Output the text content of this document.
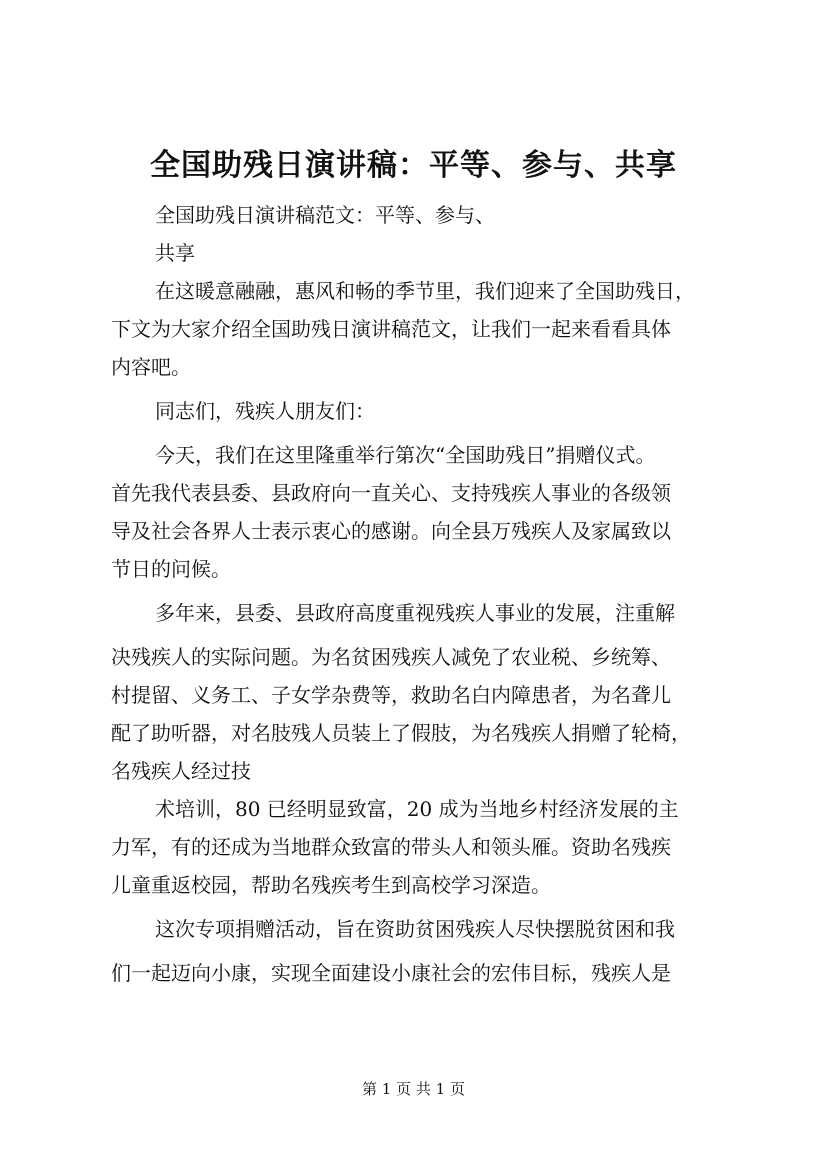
全国助残日演讲稿：平等、参与、共享
全国助残日演讲稿范文：平等、参与、
共享
在这暖意融融，惠风和畅的季节里，我们迎来了全国助残日，
下文为大家介绍全国助残日演讲稿范文，让我们一起来看看具体
内容吧。
同志们，残疾人朋友们：
今天，我们在这里隆重举行第次“全国助残日”捐赠仪式。
首先我代表县委、县政府向一直关心、支持残疾人事业的各级领
导及社会各界人士表示衷心的感谢。向全县万残疾人及家属致以
节日的问候。
多年来，县委、县政府高度重视残疾人事业的发展，注重解
决残疾人的实际问题。为名贫困残疾人减免了农业税、乡统筹、
村提留、义务工、子女学杂费等，救助名白内障患者，为名聋儿
配了助听器，对名肢残人员装上了假肢，为名残疾人捐赠了轮椅，
名残疾人经过技
术培训，80 已经明显致富，20 成为当地乡村经济发展的主
力军，有的还成为当地群众致富的带头人和领头雁。资助名残疾
儿童重返校园，帮助名残疾考生到高校学习深造。
这次专项捐赠活动，旨在资助贫困残疾人尽快摆脱贫困和我
们一起迈向小康，实现全面建设小康社会的宏伟目标，残疾人是
第 1 页 共 1 页
